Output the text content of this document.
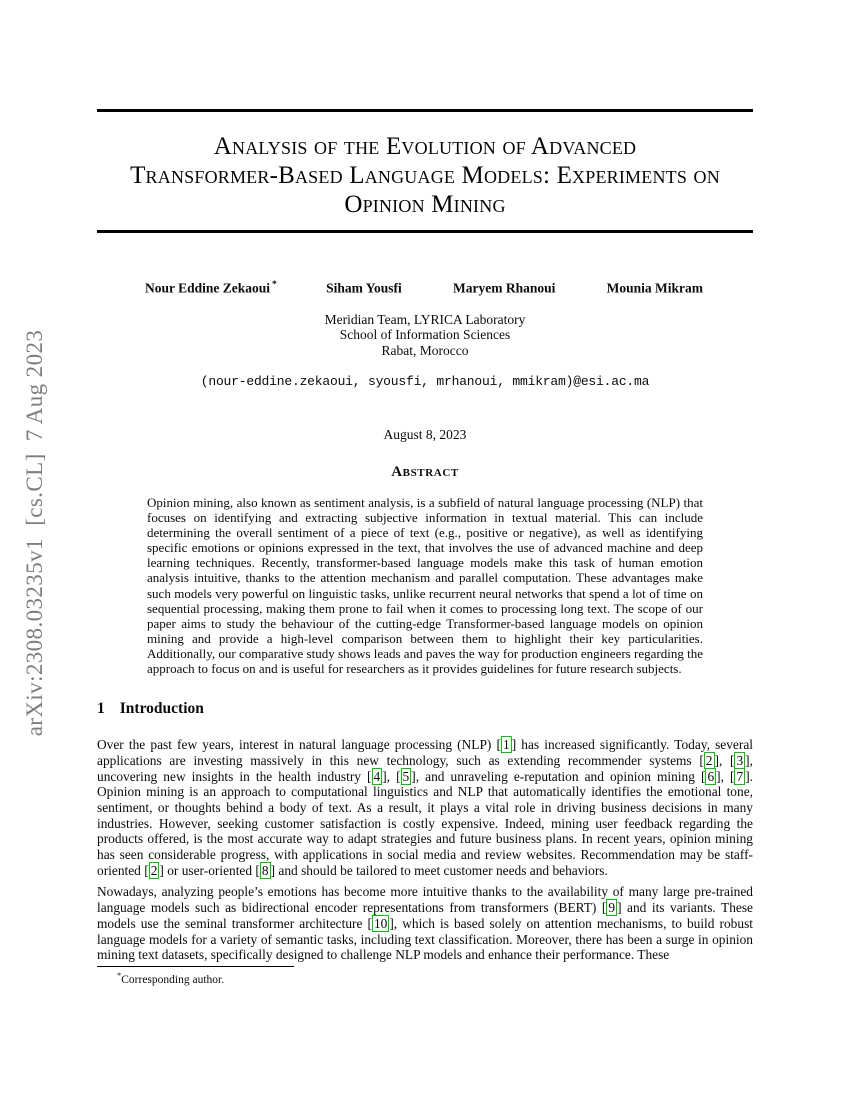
arXiv:2308.03235v1  [cs.CL]  7 Aug 2023
Analysis of the Evolution of Advanced
Transformer-Based Language Models: Experiments on
Opinion Mining
Nour Eddine Zekaoui *	Siham Yousfi	Maryem Rhanoui	Mounia Mikram
Meridian Team, LYRICA Laboratory
School of Information Sciences
Rabat, Morocco
(nour-eddine.zekaoui, syousfi, mrhanoui, mmikram)@esi.ac.ma
August 8, 2023
Abstract

Opinion mining, also known as sentiment analysis, is a subfield of natural language processing (NLP) that focuses on identifying and extracting subjective information in textual material. This can include determining the overall sentiment of a piece of text (e.g., positive or negative), as well as identifying specific emotions or opinions expressed in the text, that involves the use of advanced machine and deep learning techniques. Recently, transformer-based language models make this task of human emotion analysis intuitive, thanks to the attention mechanism and parallel computation. These advantages make such models very powerful on linguistic tasks, unlike recurrent neural networks that spend a lot of time on sequential processing, making them prone to fail when it comes to processing long text. The scope of our paper aims to study the behaviour of the cutting-edge Transformer-based language models on opinion mining and provide a high-level comparison between them to highlight their key particularities. Additionally, our comparative study shows leads and paves the way for production engineers regarding the approach to focus on and is useful for researchers as it provides guidelines for future research subjects.

1 Introduction

Over the past few years, interest in natural language processing (NLP) [ 1 ] has increased significantly. Today, several applications are investing massively in this new technology, such as extending recommender systems [ 2 ], [ 3 ], uncovering new insights in the health industry [ 4 ], [ 5 ], and unraveling e-reputation and opinion mining [ 6 ], [ 7 ]. Opinion mining is an approach to computational linguistics and NLP that automatically identifies the emotional tone, sentiment, or thoughts behind a body of text. As a result, it plays a vital role in driving business decisions in many industries. However, seeking customer satisfaction is costly expensive. Indeed, mining user feedback regarding the products offered, is the most accurate way to adapt strategies and future business plans. In recent years, opinion mining has seen considerable progress, with applications in social media and review websites. Recommendation may be staff-oriented [ 2 ] or user-oriented [ 8 ] and should be tailored to meet customer needs and behaviors.

Nowadays, analyzing people’s emotions has become more intuitive thanks to the availability of many large pre-trained language models such as bidirectional encoder representations from transformers (BERT) [ 9 ] and its variants. These models use the seminal transformer architecture [ 10 ], which is based solely on attention mechanisms, to build robust language models for a variety of semantic tasks, including text classification. Moreover, there has been a surge in opinion mining text datasets, specifically designed to challenge NLP models and enhance their performance. These

*Corresponding author.
